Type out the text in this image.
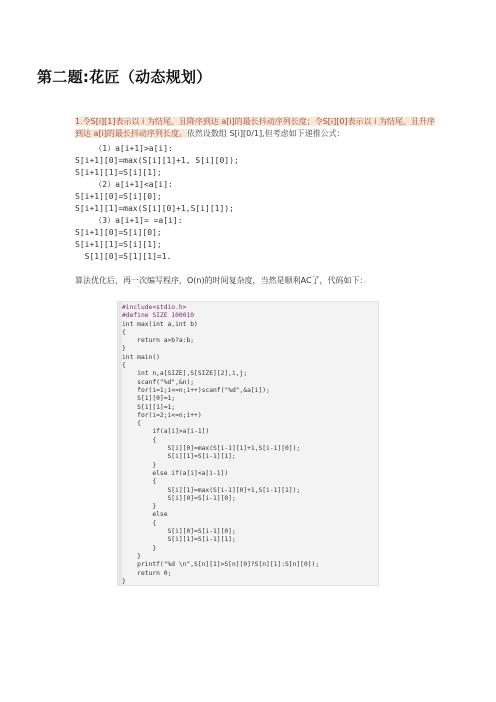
第二题:花匠（动态规划）
1.令S[i][1]表示以 i 为结尾，且降序到达 a[i]的最长抖动序列长度；令S[i][0]表示以 i 为结尾，且升序到达 a[i]的最长抖动序列长度。依然设数组 S[i][0/1],但考虑如下递推公式：
（1）a[i+1]>a[i]:
S[i+1][0]=max(S[i][1]+1, S[i][0]);
S[i+1][1]=S[i][1];
（2）a[i+1]<a[i]:
S[i+1][0]=S[i][0];
S[i+1][1]=max(S[i][0]+1,S[i][1]);
（3）a[i+1]= =a[i]:
S[i+1][0]=S[i][0];
S[i+1][1]=S[i][1];
S[1][0]=S[1][1]=1.
算法优化后，再一次编写程序，O(n)的时间复杂度，当然是顺利AC了，代码如下：
#include<stdio.h>
#define SIZE 100010
int max(int a,int b)
{
return a>b?a:b;
}
int main()
{
int n,a[SIZE],S[SIZE][2],i,j;
scanf("%d",&n);
for(i=1;i<=n;i++)scanf("%d",&a[i]);
S[1][0]=1;
S[1][1]=1;
for(i=2;i<=n;i++)
{
if(a[i]>a[i-1])
{
S[i][0]=max(S[i-1][1]+1,S[i-1][0]);
S[i][1]=S[i-1][1];
}
else if(a[i]<a[i-1])
{
S[i][1]=max(S[i-1][0]+1,S[i-1][1]);
S[i][0]=S[i-1][0];
}
else
{
S[i][0]=S[i-1][0];
S[i][1]=S[i-1][1];
}
}
printf("%d \n",S[n][1]>S[n][0]?S[n][1]:S[n][0]);
return 0;
}
